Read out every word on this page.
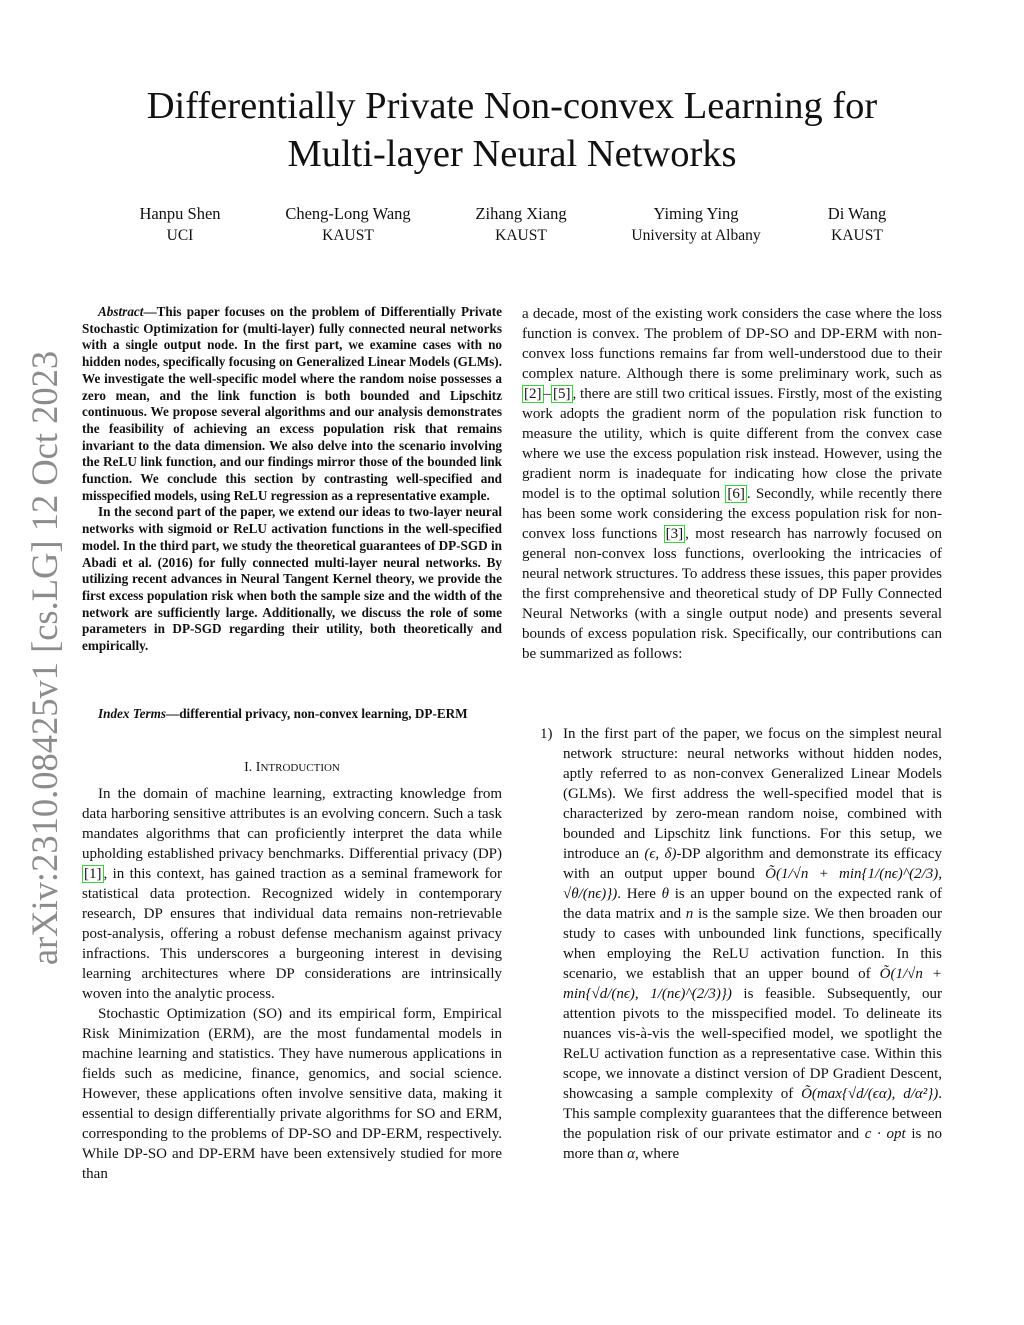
Differentially Private Non-convex Learning for
Multi-layer Neural Networks
Hanpu Shen
UCI
Cheng-Long Wang
KAUST
Zihang Xiang
KAUST
Yiming Ying
University at Albany
Di Wang
KAUST
arXiv:2310.08425v1 [cs.LG] 12 Oct 2023

Abstract—This paper focuses on the problem of Differentially Private Stochastic Optimization for (multi-layer) fully connected neural networks with a single output node. In the first part, we examine cases with no hidden nodes, specifically focusing on Generalized Linear Models (GLMs). We investigate the well-specific model where the random noise possesses a zero mean, and the link function is both bounded and Lipschitz continuous. We propose several algorithms and our analysis demonstrates the feasibility of achieving an excess population risk that remains invariant to the data dimension. We also delve into the scenario involving the ReLU link function, and our findings mirror those of the bounded link function. We conclude this section by contrasting well-specified and misspecified models, using ReLU regression as a representative example.

In the second part of the paper, we extend our ideas to two-layer neural networks with sigmoid or ReLU activation functions in the well-specified model. In the third part, we study the theoretical guarantees of DP-SGD in Abadi et al. (2016) for fully connected multi-layer neural networks. By utilizing recent advances in Neural Tangent Kernel theory, we provide the first excess population risk when both the sample size and the width of the network are sufficiently large. Additionally, we discuss the role of some parameters in DP-SGD regarding their utility, both theoretically and empirically.

Index Terms—differential privacy, non-convex learning, DP-ERM
I. INTRODUCTION

In the domain of machine learning, extracting knowledge from data harboring sensitive attributes is an evolving concern. Such a task mandates algorithms that can proficiently interpret the data while upholding established privacy benchmarks. Differential privacy (DP) [1] , in this context, has gained traction as a seminal framework for statistical data protection. Recognized widely in contemporary research, DP ensures that individual data remains non-retrievable post-analysis, offering a robust defense mechanism against privacy infractions. This underscores a burgeoning interest in devising learning architectures where DP considerations are intrinsically woven into the analytic process.

Stochastic Optimization (SO) and its empirical form, Empirical Risk Minimization (ERM), are the most fundamental models in machine learning and statistics. They have numerous applications in fields such as medicine, finance, genomics, and social science. However, these applications often involve sensitive data, making it essential to design differentially private algorithms for SO and ERM, corresponding to the problems of DP-SO and DP-ERM, respectively. While DP-SO and DP-ERM have been extensively studied for more than

a decade, most of the existing work considers the case where the loss function is convex. The problem of DP-SO and DP-ERM with non-convex loss functions remains far from well-understood due to their complex nature. Although there is some preliminary work, such as [2] – [5] , there are still two critical issues. Firstly, most of the existing work adopts the gradient norm of the population risk function to measure the utility, which is quite different from the convex case where we use the excess population risk instead. However, using the gradient norm is inadequate for indicating how close the private model is to the optimal solution [6] . Secondly, while recently there has been some work considering the excess population risk for non-convex loss functions [3] , most research has narrowly focused on general non-convex loss functions, overlooking the intricacies of neural network structures. To address these issues, this paper provides the first comprehensive and theoretical study of DP Fully Connected Neural Networks (with a single output node) and presents several bounds of excess population risk. Specifically, our contributions can be summarized as follows:
1) In the first part of the paper, we focus on the simplest neural network structure: neural networks without hidden nodes, aptly referred to as non-convex Generalized Linear Models (GLMs). We first address the well-specified model that is characterized by zero-mean random noise, combined with bounded and Lipschitz link functions. For this setup, we introduce an (ϵ, δ)-DP algorithm and demonstrate its efficacy with an output upper bound Õ(1/√n + min{1/(nϵ)^(2/3), √θ/(nϵ)}). Here θ is an upper bound on the expected rank of the data matrix and n is the sample size. We then broaden our study to cases with unbounded link functions, specifically when employing the ReLU activation function. In this scenario, we establish that an upper bound of Õ(1/√n + min{√d/(nϵ), 1/(nϵ)^(2/3)}) is feasible. Subsequently, our attention pivots to the misspecified model. To delineate its nuances vis-à-vis the well-specified model, we spotlight the ReLU activation function as a representative case. Within this scope, we innovate a distinct version of DP Gradient Descent, showcasing a sample complexity of Õ(max{√d/(ϵα), d/α²}). This sample complexity guarantees that the difference between the population risk of our private estimator and c · opt is no more than α, where
